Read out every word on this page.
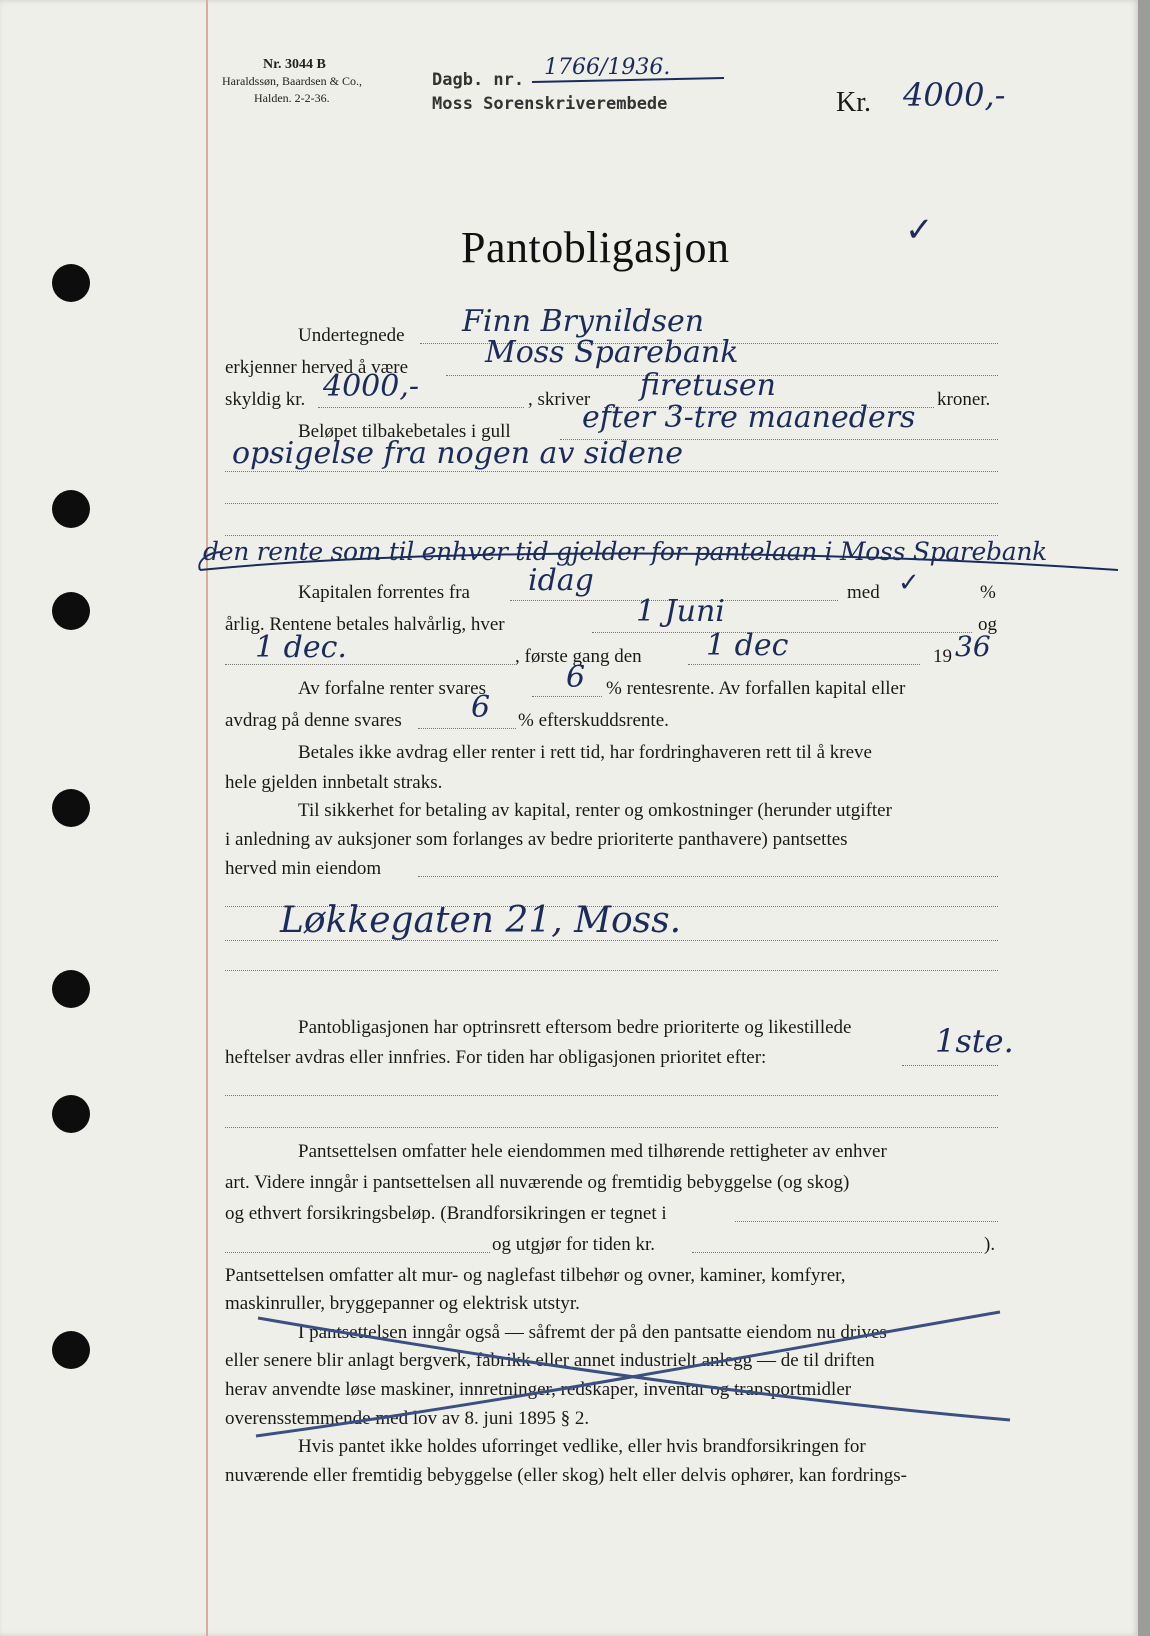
Nr. 3044 B
Haraldssøn, Baardsen & Co.,
Halden. 2-2-36.
Dagb. nr. 1766/1936.
Moss Sorenskriverembede	Kr. 4000,-
Pantobligasjon	✓
Undertegnede Finn Brynildsen
erkjenner herved å være	Moss Sparebank
skyldig kr. 4000,-	, skriver firetusen	kroner.
Beløpet tilbakebetales i gull efter 3-tre maaneders
opsigelse fra nogen av sidene
den rente som til enhver tid gjelder for pantelaan i Moss Sparebank
Kapitalen forrentes fra idag	med ✓	%
årlig. Rentene betales halvårlig, hver	1 Juni	og
1 dec.	, første gang den 1 dec	19 36
Av forfalne renter svares	6 % rentesrente. Av forfallen kapital eller
avdrag på denne svares 6 % efterskuddsrente.
Betales ikke avdrag eller renter i rett tid, har fordringhaveren rett til å kreve
hele gjelden innbetalt straks.
Til sikkerhet for betaling av kapital, renter og omkostninger (herunder utgifter
i anledning av auksjoner som forlanges av bedre prioriterte panthavere) pantsettes
herved min eiendom
Løkkegaten 21, Moss.
Pantobligasjonen har optrinsrett eftersom bedre prioriterte og likestillede
heftelser avdras eller innfries. For tiden har obligasjonen prioritet efter:	1ste.
Pantsettelsen omfatter hele eiendommen med tilhørende rettigheter av enhver
art. Videre inngår i pantsettelsen all nuværende og fremtidig bebyggelse (og skog)
og ethvert forsikringsbeløp. (Brandforsikringen er tegnet i
og utgjør for tiden kr.	).
Pantsettelsen omfatter alt mur- og naglefast tilbehør og ovner, kaminer, komfyrer,
maskinruller, bryggepanner og elektrisk utstyr.
I pantsettelsen inngår også — såfremt der på den pantsatte eiendom nu drives
eller senere blir anlagt bergverk, fabrikk eller annet industrielt anlegg — de til driften
herav anvendte løse maskiner, innretninger, redskaper, inventar og transportmidler
overensstemmende med lov av 8. juni 1895 § 2.
Hvis pantet ikke holdes uforringet vedlike, eller hvis brandforsikringen for
nuværende eller fremtidig bebyggelse (eller skog) helt eller delvis ophører, kan fordrings-
